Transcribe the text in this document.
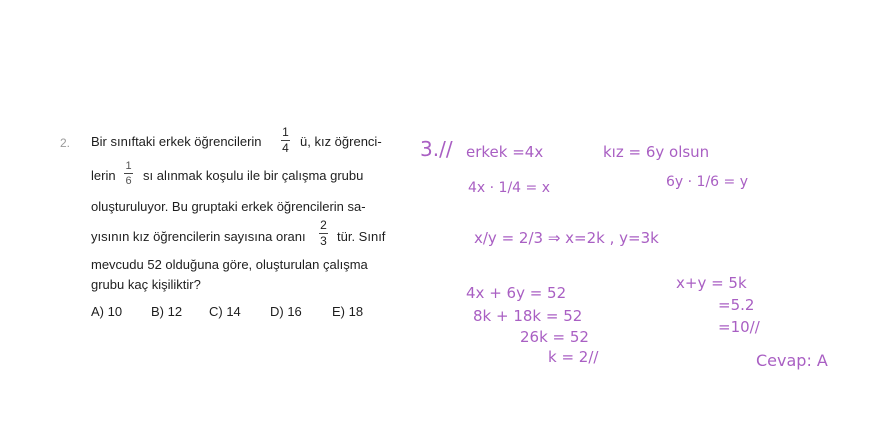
2. Bir sınıftaki erkek öğrencilerin
1
4 ü, kız öğrenci-
lerin
1
6 sı alınmak koşulu ile bir çalışma grubu
oluşturuluyor. Bu gruptaki erkek öğrencilerin sa-
yısının kız öğrencilerin sayısına oranı
2
3 tür. Sınıf
mevcudu 52 olduğuna göre, oluşturulan çalışma
grubu kaç kişiliktir?
A) 10 B) 12 C) 14 D) 16 E) 18
3.// erkek =4x	kız = 6y olsun
4x · 1/4 = x	6y · 1/6 = y
x/y = 2/3 ⇒ x=2k , y=3k
4x + 6y = 52
8k + 18k = 52
26k = 52
k = 2//
x+y = 5k
=5.2
=10//
Cevap: A
